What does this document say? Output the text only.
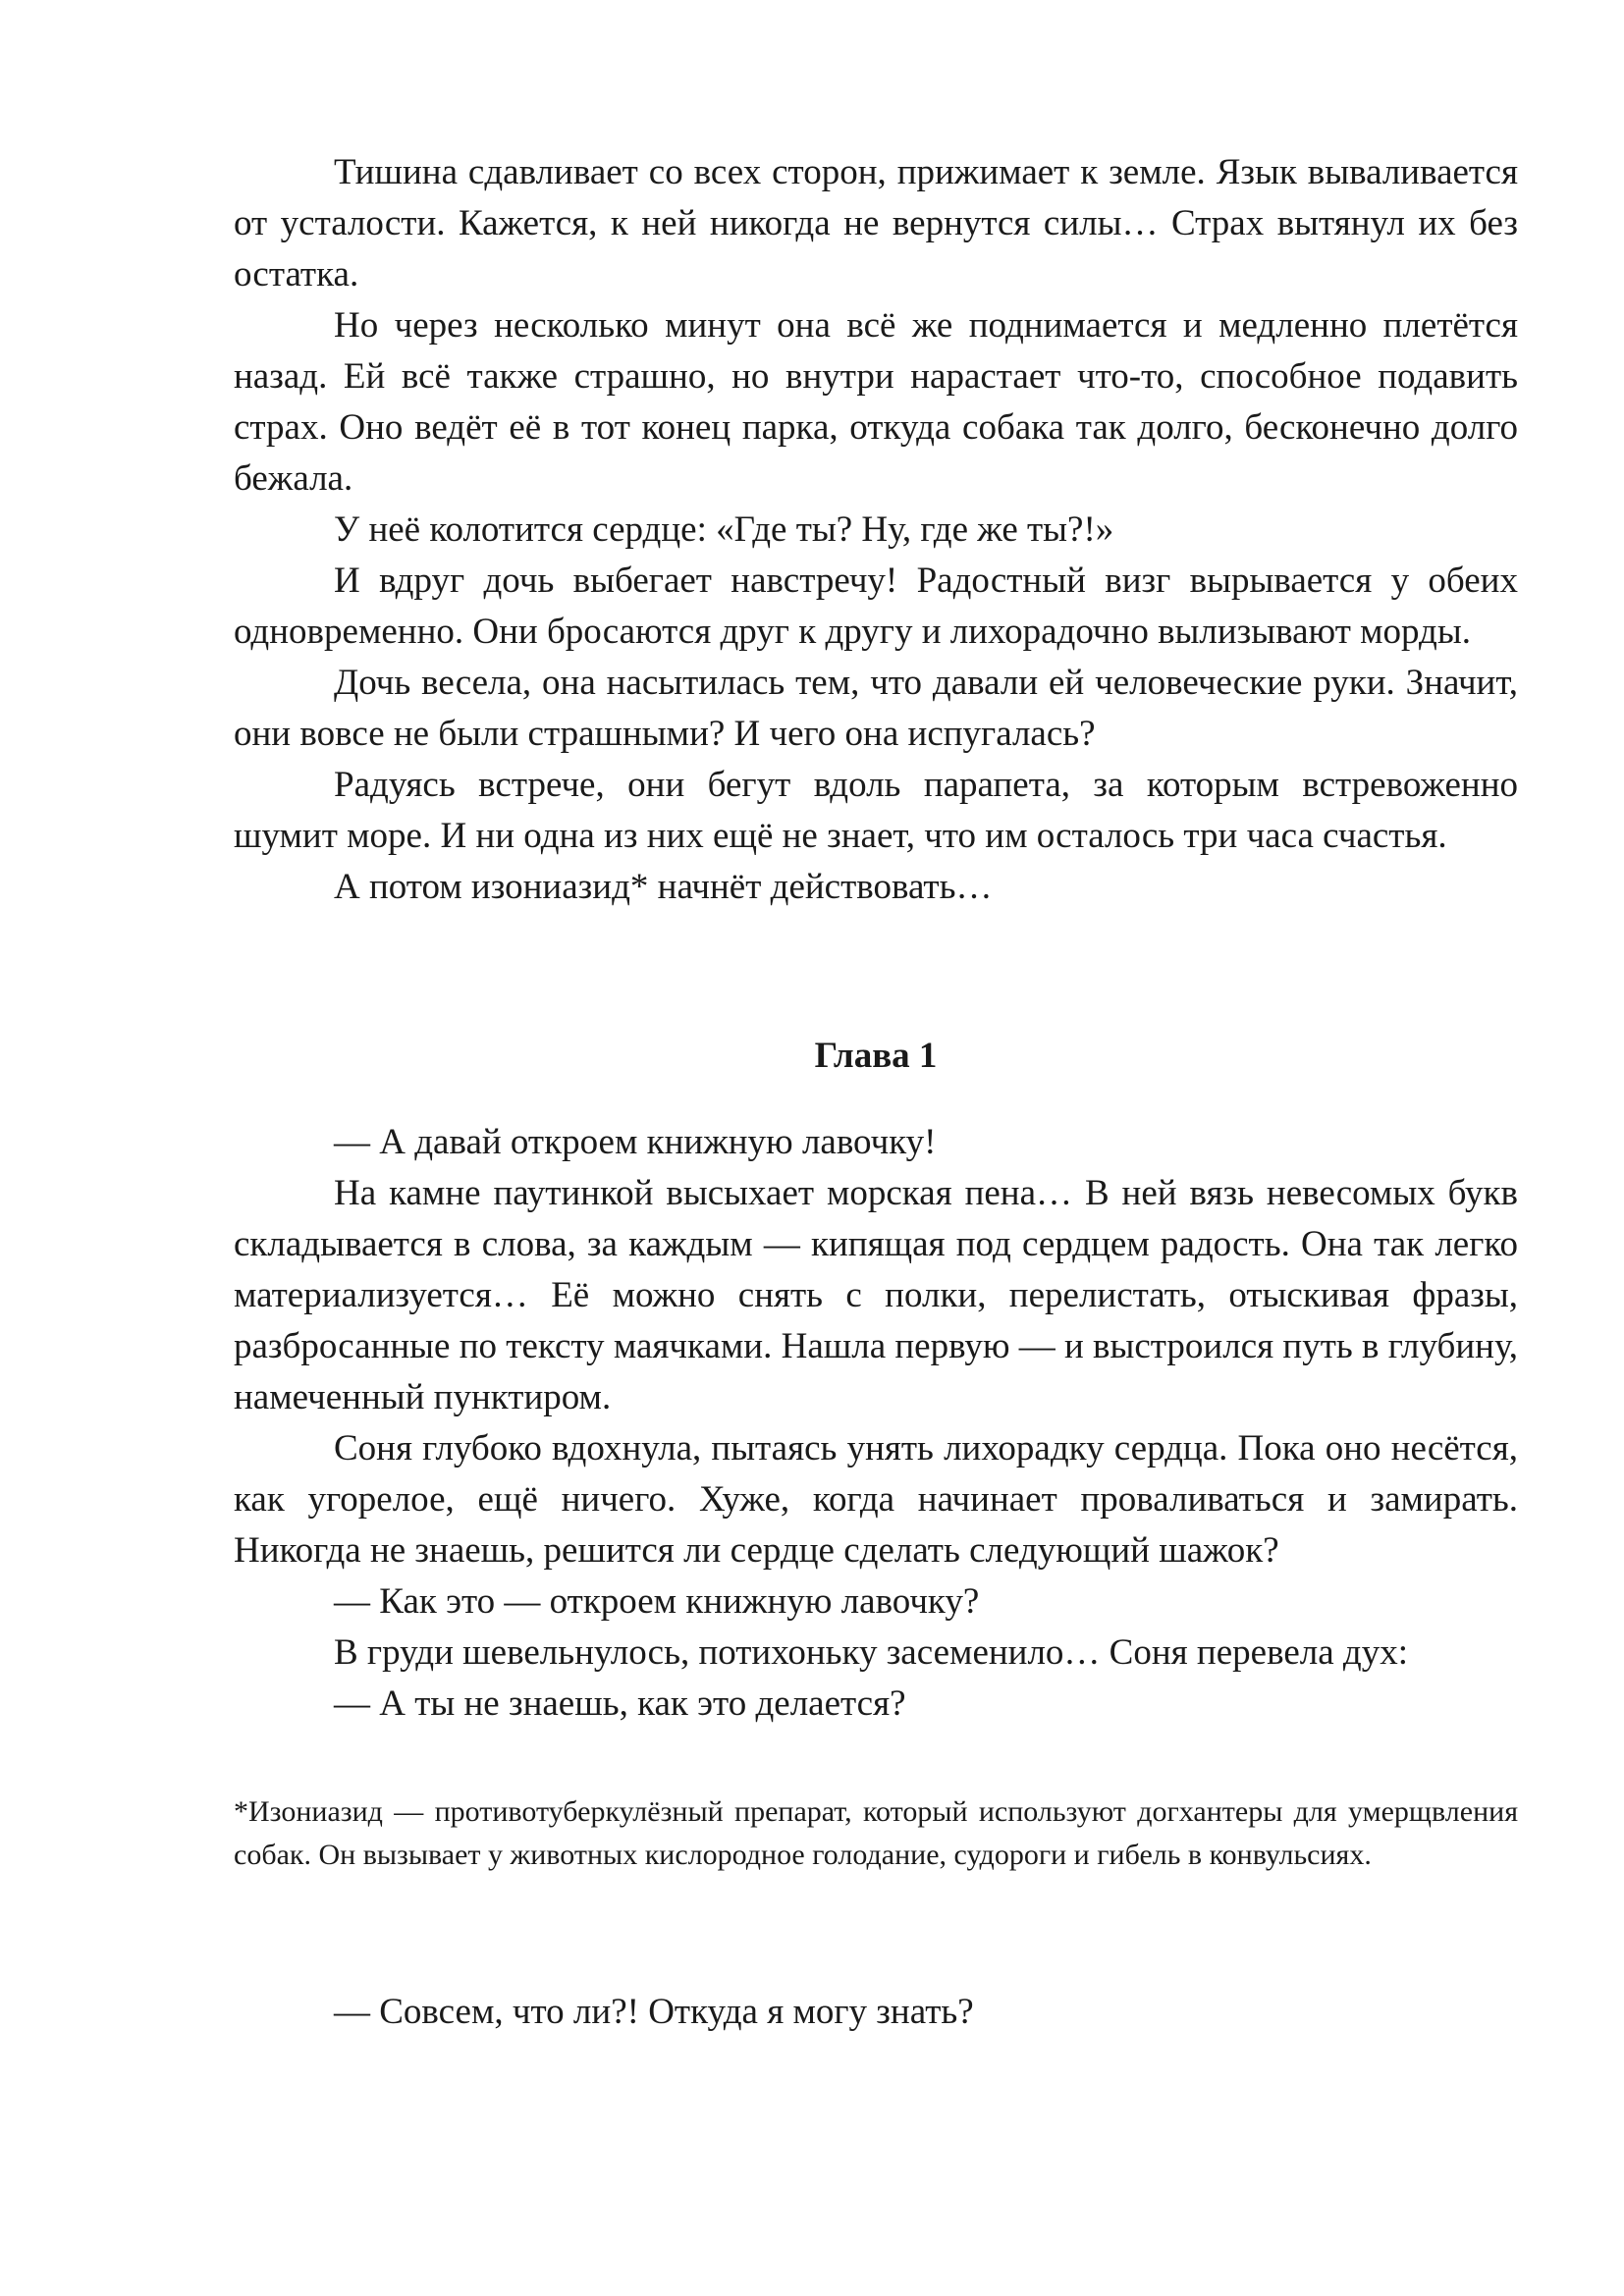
Тишина сдавливает со всех сторон, прижимает к земле. Язык вываливается от усталости. Кажется, к ней никогда не вернутся силы… Страх вытянул их без остатка.

Но через несколько минут она всё же поднимается и медленно плетётся назад. Ей всё также страшно, но внутри нарастает что-то, способное подавить страх. Оно ведёт её в тот конец парка, откуда собака так долго, бесконечно долго бежала.

У неё колотится сердце: «Где ты? Ну, где же ты?!»

И вдруг дочь выбегает навстречу! Радостный визг вырывается у обеих одновременно. Они бросаются друг к другу и лихорадочно вылизывают морды.

Дочь весела, она насытилась тем, что давали ей человеческие руки. Значит, они вовсе не были страшными? И чего она испугалась?

Радуясь встрече, они бегут вдоль парапета, за которым встревоженно шумит море. И ни одна из них ещё не знает, что им осталось три часа счастья.

А потом изониазид* начнёт действовать…

Глава 1

— А давай откроем книжную лавочку!

На камне паутинкой высыхает морская пена… В ней вязь невесомых букв складывается в слова, за каждым — кипящая под сердцем радость. Она так легко материализуется… Её можно снять с полки, перелистать, отыскивая фразы, разбросанные по тексту маячками. Нашла первую — и выстроился путь в глубину, намеченный пунктиром.

Соня глубоко вдохнула, пытаясь унять лихорадку сердца. Пока оно несётся, как угорелое, ещё ничего. Хуже, когда начинает проваливаться и замирать. Никогда не знаешь, решится ли сердце сделать следующий шажок?

— Как это — откроем книжную лавочку?

В груди шевельнулось, потихоньку засеменило… Соня перевела дух:

— А ты не знаешь, как это делается?

*Изониазид — противотуберкулёзный препарат, который используют догхантеры для умерщвления собак. Он вызывает у животных кислородное голодание, судороги и гибель в конвульсиях.

— Совсем, что ли?! Откуда я могу знать?
